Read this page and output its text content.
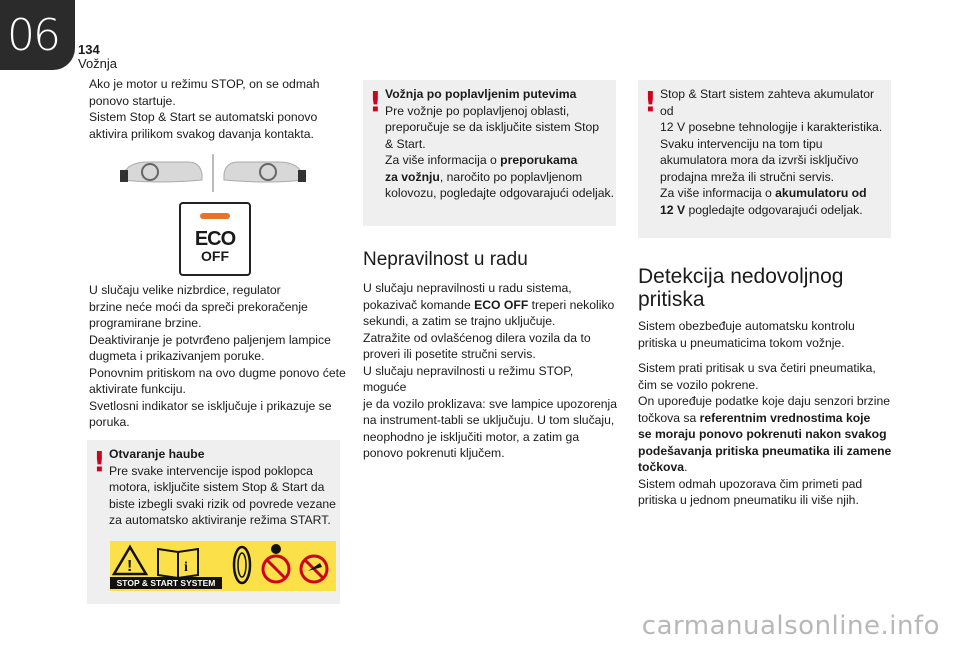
06 134
Vožnja

Ako je motor u režimu STOP, on se odmah

ponovo startuje.

Sistem Stop & Start se automatski ponovo

aktivira prilikom svakog davanja kontakta.

ECO
OFF

U slučaju velike nizbrdice, regulator

brzine neće moći da spreči prekoračenje

programirane brzine.

Deaktiviranje je potvrđeno paljenjem lampice

dugmeta i prikazivanjem poruke.

Ponovnim pritiskom na ovo dugme ponovo ćete

aktivirate funkciju.

Svetlosni indikator se isključuje i prikazuje se

poruka.

! Otvaranje haube

Pre svake intervencije ispod poklopca

motora, isključite sistem Stop & Start da

biste izbegli svaki rizik od povrede vezane

za automatsko aktiviranje režima START.

!	i
STOP & START SYSTEM
! Vožnja po poplavljenim putevima

Pre vožnje po poplavljenoj oblasti,

preporučuje se da isključite sistem Stop

& Start.

Za više informacija o preporukama

za vožnju, naročito po poplavljenom

kolovozu, pogledajte odgovarajući odeljak.

Nepravilnost u radu

U slučaju nepravilnosti u radu sistema,

pokazivač komande ECO OFF treperi nekoliko

sekundi, a zatim se trajno uključuje.

Zatražite od ovlašćenog dilera vozila da to

proveri ili posetite stručni servis.

U slučaju nepravilnosti u režimu STOP, moguće

je da vozilo proklizava: sve lampice upozorenja

na instrument-tabli se uključuju. U tom slučaju,

neophodno je isključiti motor, a zatim ga

ponovo pokrenuti ključem.

! Stop & Start sistem zahteva akumulator od

12 V posebne tehnologije i karakteristika.

Svaku intervenciju na tom tipu

akumulatora mora da izvrši isključivo

prodajna mreža ili stručni servis.

Za više informacija o akumulatoru od

12 V pogledajte odgovarajući odeljak.

Detekcija nedovoljnog
pritiska

Sistem obezbeđuje automatsku kontrolu

pritiska u pneumaticima tokom vožnje.

Sistem prati pritisak u sva četiri pneumatika,

čim se vozilo pokrene.

On upoređuje podatke koje daju senzori brzine

točkova sa referentnim vrednostima koje

se moraju ponovo pokrenuti nakon svakog

podešavanja pritiska pneumatika ili zamene

točkova.

Sistem odmah upozorava čim primeti pad

pritiska u jednom pneumatiku ili više njih.

carmanualsonline.info
